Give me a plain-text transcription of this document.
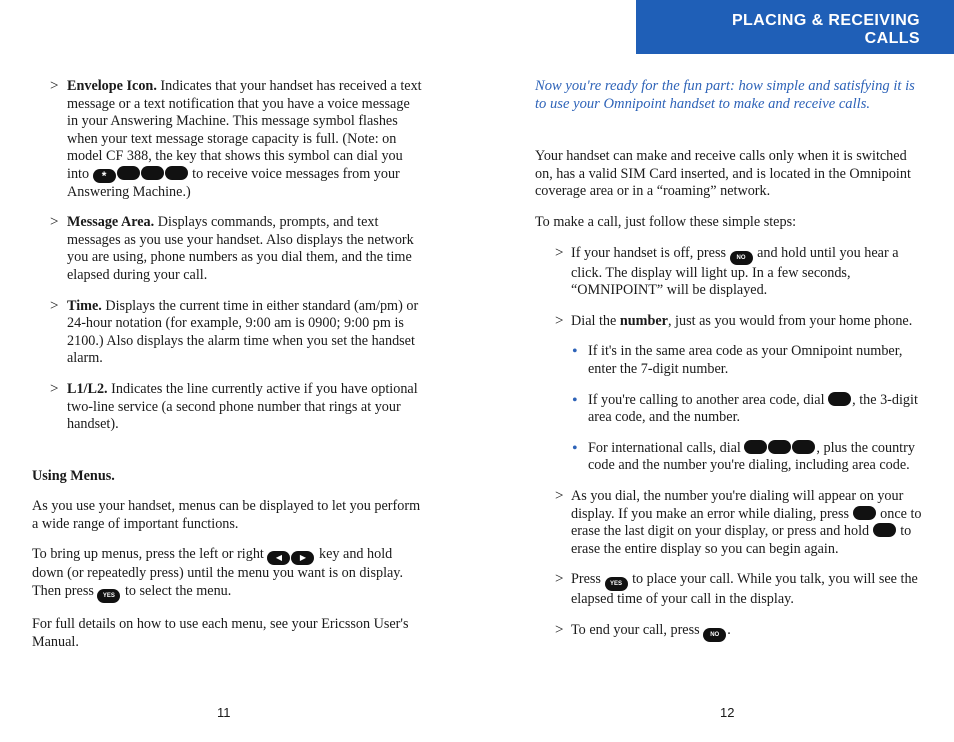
PLACING & RECEIVING
CALLS
> Envelope Icon. Indicates that your handset has received a text message or a text notification that you have a voice message in your Answering Machine. This message symbol flashes when your text message storage capacity is full. (Note: on model CF 388, the key that shows this symbol can dial you into *	to receive voice messages from your Answering Machine.)
> Message Area. Displays commands, prompts, and text messages as you use your handset. Also displays the network you are using, phone numbers as you dial them, and the time elapsed during your call.
> Time. Displays the current time in either standard (am/pm) or 24-hour notation (for example, 9:00 am is 0900; 9:00 pm is 2100.) Also displays the alarm time when you set the handset alarm.
> L1/L2. Indicates the line currently active if you have optional two-line service (a second phone number that rings at your handset).
Using Menus.

As you use your handset, menus can be displayed to let you perform a wide range of important functions.

To bring up menus, press the left or right ◀ ▶ key and hold down (or repeatedly press) until the menu you want is on display. Then press YES to select the menu.

For full details on how to use each menu, see your Ericsson User's Manual.

Now you're ready for the fun part: how simple and satisfying it is to use your Omnipoint handset to make and receive calls.

Your handset can make and receive calls only when it is switched on, has a valid SIM Card inserted, and is located in the Omnipoint coverage area or in a “roaming” network.

To make a call, just follow these simple steps:

> If your handset is off, press NO and hold until you hear a click. The display will light up. In a few seconds, “OMNIPOINT” will be displayed.
> Dial the number, just as you would from your home phone.
• If it's in the same area code as your Omnipoint number, enter the 7-digit number.
• If you're calling to another area code, dial , the 3-digit area code, and the number.
• For international calls, dial	, plus the country code and the number you're dialing, including area code.
> As you dial, the number you're dialing will appear on your display. If you make an error while dialing, press  once to erase the last digit on your display, or press and hold  to erase the entire display so you can begin again.
> Press YES to place your call. While you talk, you will see the elapsed time of your call in the display.
> To end your call, press NO .
11	12
